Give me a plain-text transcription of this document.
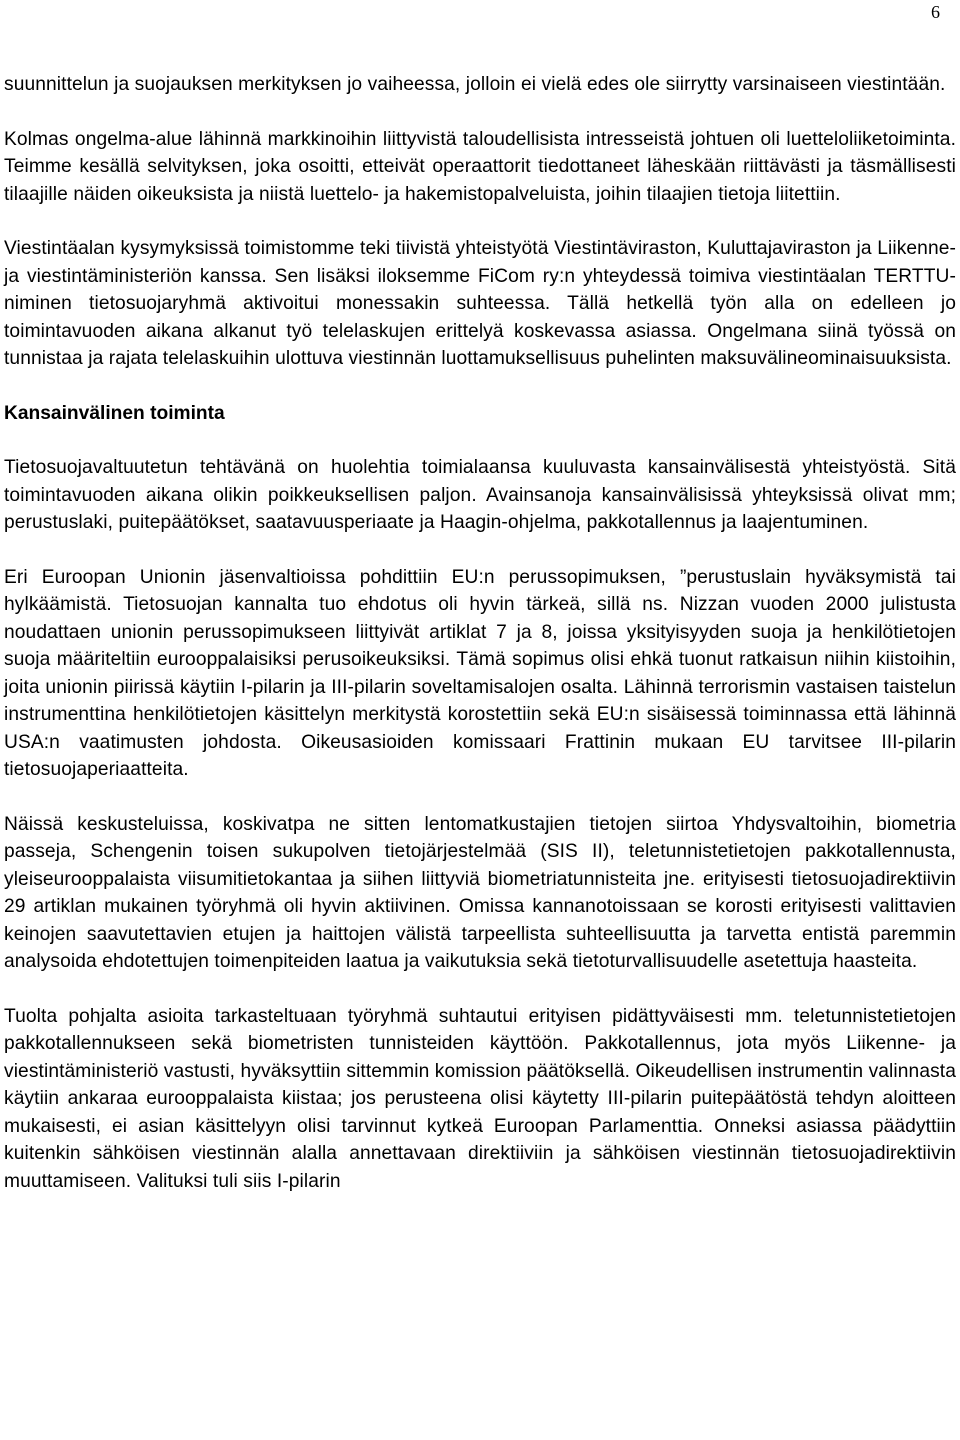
6

suunnittelun ja suojauksen merkityksen jo vaiheessa, jolloin ei vielä edes ole siirrytty varsinaiseen viestintään.

Kolmas ongelma-alue lähinnä markkinoihin liittyvistä taloudellisista intresseistä johtuen oli luetteloliiketoiminta. Teimme kesällä selvityksen, joka osoitti, etteivät operaattorit tiedottaneet läheskään riittävästi ja täsmällisesti tilaajille näiden oikeuksista ja niistä luettelo- ja hakemistopalveluista, joihin tilaajien tietoja liitettiin.

Viestintäalan kysymyksissä toimistomme teki tiivistä yhteistyötä Viestintäviraston, Kuluttajaviraston ja Liikenne- ja viestintäministeriön kanssa. Sen lisäksi iloksemme FiCom ry:n yhteydessä toimiva viestintäalan TERTTU-niminen tietosuojaryhmä aktivoitui monessakin suhteessa. Tällä hetkellä työn alla on edelleen jo toimintavuoden aikana alkanut työ telelaskujen erittelyä koskevassa asiassa. Ongelmana siinä työssä on tunnistaa ja rajata telelaskuihin ulottuva viestinnän luottamuksellisuus puhelinten maksuvälineominaisuuksista.

Kansainvälinen toiminta

Tietosuojavaltuutetun tehtävänä on huolehtia toimialaansa kuuluvasta kansainvälisestä yhteistyöstä. Sitä toimintavuoden aikana olikin poikkeuksellisen paljon. Avainsanoja kansainvälisissä yhteyksissä olivat mm; perustuslaki, puitepäätökset, saatavuusperiaate ja Haagin-ohjelma, pakkotallennus ja laajentuminen.

Eri Euroopan Unionin jäsenvaltioissa pohdittiin EU:n perussopimuksen, ”perustuslain hyväksymistä tai hylkäämistä. Tietosuojan kannalta tuo ehdotus oli hyvin tärkeä, sillä ns. Nizzan vuoden 2000 julistusta noudattaen unionin perussopimukseen liittyivät artiklat 7 ja 8, joissa yksityisyyden suoja ja henkilötietojen suoja määriteltiin eurooppalaisiksi perusoikeuksiksi. Tämä sopimus olisi ehkä tuonut ratkaisun niihin kiistoihin, joita unionin piirissä käytiin I-pilarin ja III-pilarin soveltamisalojen osalta. Lähinnä terrorismin vastaisen taistelun instrumenttina henkilötietojen käsittelyn merkitystä korostettiin sekä EU:n sisäisessä toiminnassa että lähinnä USA:n vaatimusten johdosta. Oikeusasioiden komissaari Frattinin mukaan EU tarvitsee III-pilarin tietosuojaperiaatteita.

Näissä keskusteluissa, koskivatpa ne sitten lentomatkustajien tietojen siirtoa Yhdysvaltoihin, biometria passeja, Schengenin toisen sukupolven tietojärjestelmää (SIS II), teletunnistetietojen pakkotallennusta, yleiseurooppalaista viisumitietokantaa ja siihen liittyviä biometriatunnisteita jne. erityisesti tietosuojadirektiivin 29 artiklan mukainen työryhmä oli hyvin aktiivinen. Omissa kannanotoissaan se korosti erityisesti valittavien keinojen saavutettavien etujen ja haittojen välistä tarpeellista suhteellisuutta ja tarvetta entistä paremmin analysoida ehdotettujen toimenpiteiden laatua ja vaikutuksia sekä tietoturvallisuudelle asetettuja haasteita.

Tuolta pohjalta asioita tarkasteltuaan työryhmä suhtautui erityisen pidättyväisesti mm. teletunnistetietojen pakkotallennukseen sekä biometristen tunnisteiden käyttöön. Pakkotallennus, jota myös Liikenne- ja viestintäministeriö vastusti, hyväksyttiin sittemmin komission päätöksellä. Oikeudellisen instrumentin valinnasta käytiin ankaraa eurooppalaista kiistaa; jos perusteena olisi käytetty III-pilarin puitepäätöstä tehdyn aloitteen mukaisesti, ei asian käsittelyyn olisi tarvinnut kytkeä Euroopan Parlamenttia. Onneksi asiassa päädyttiin kuitenkin sähköisen viestinnän alalla annettavaan direktiiviin ja sähköisen viestinnän tietosuojadirektiivin muuttamiseen. Valituksi tuli siis I-pilarin
